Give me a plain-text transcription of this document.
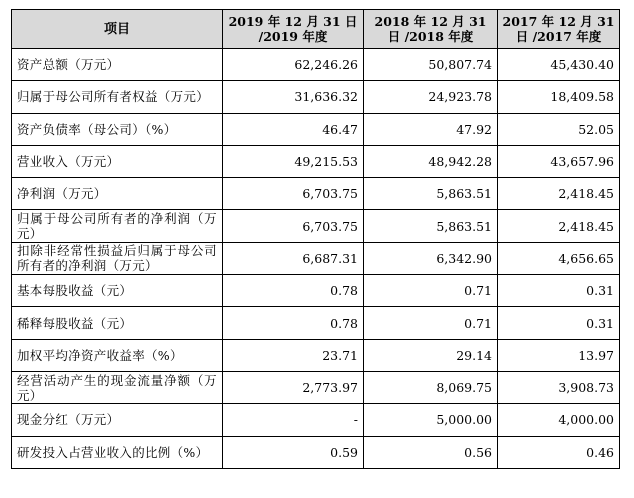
项目	2019 年 12 月 31 日 /2019 年度	2018 年 12 月 31 日 /2018 年度	2017 年 12 月 31 日 /2017 年度
资产总额（万元）	62,246.26	50,807.74	45,430.40
归属于母公司所有者权益（万元）	31,636.32	24,923.78	18,409.58
资产负债率（母公司）（%）	46.47	47.92	52.05
营业收入（万元）	49,215.53	48,942.28	43,657.96
净利润（万元）	6,703.75	5,863.51	2,418.45
归属于母公司所有者的净利润（万元）	6,703.75	5,863.51	2,418.45
扣除非经常性损益后归属于母公司所有者的净利润（万元）	6,687.31	6,342.90	4,656.65
基本每股收益（元）	0.78	0.71	0.31
稀释每股收益（元）	0.78	0.71	0.31
加权平均净资产收益率（%）	23.71	29.14	13.97
经营活动产生的现金流量净额（万元）	2,773.97	8,069.75	3,908.73
现金分红（万元）	-	5,000.00	4,000.00
研发投入占营业收入的比例（%）	0.59	0.56	0.46
